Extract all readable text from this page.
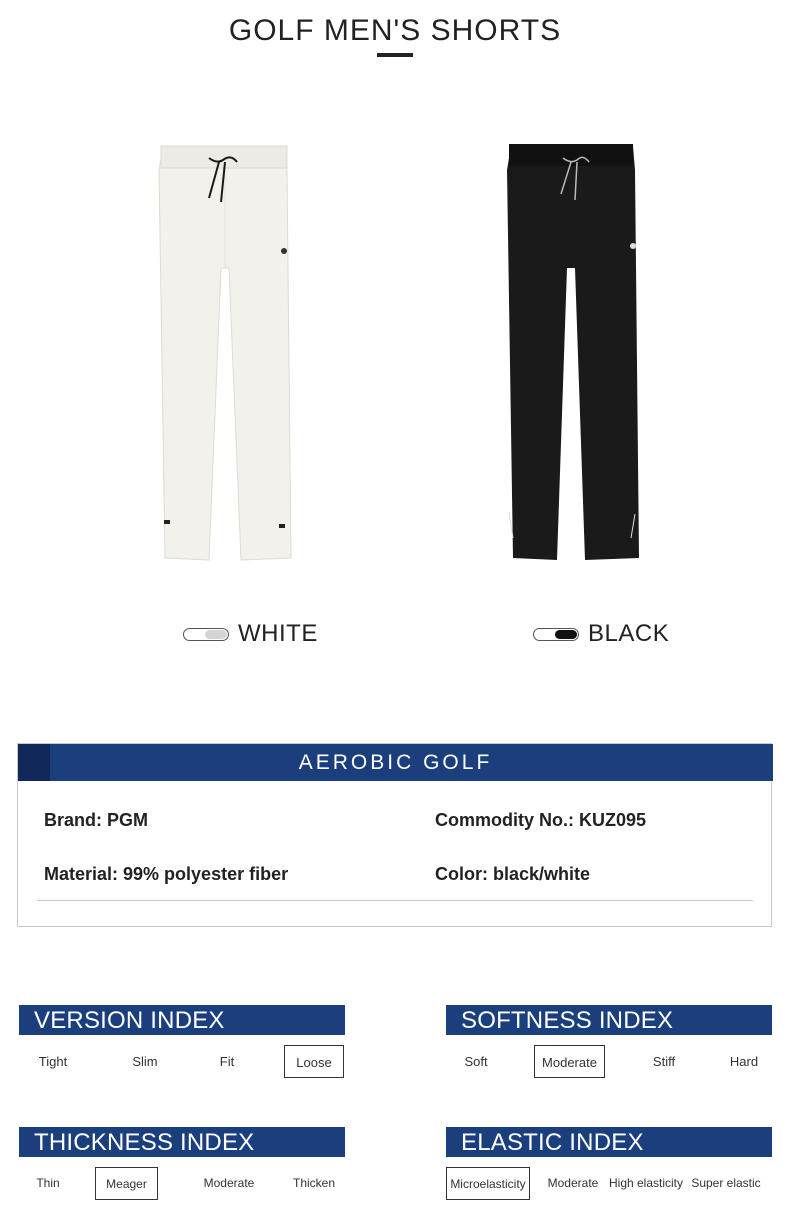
GOLF MEN'S SHORTS
WHITE	BLACK
AEROBIC GOLF
Brand: PGM	Commodity No.: KUZ095
Material: 99% polyester fiber	Color: black/white
VERSION INDEX
Tight	Slim	Fit	Loose
SOFTNESS INDEX
Soft	Moderate	Stiff	Hard
THICKNESS INDEX
Thin	Meager	Moderate	Thicken
ELASTIC INDEX
Microelasticity	Moderate High elasticity Super elastic
